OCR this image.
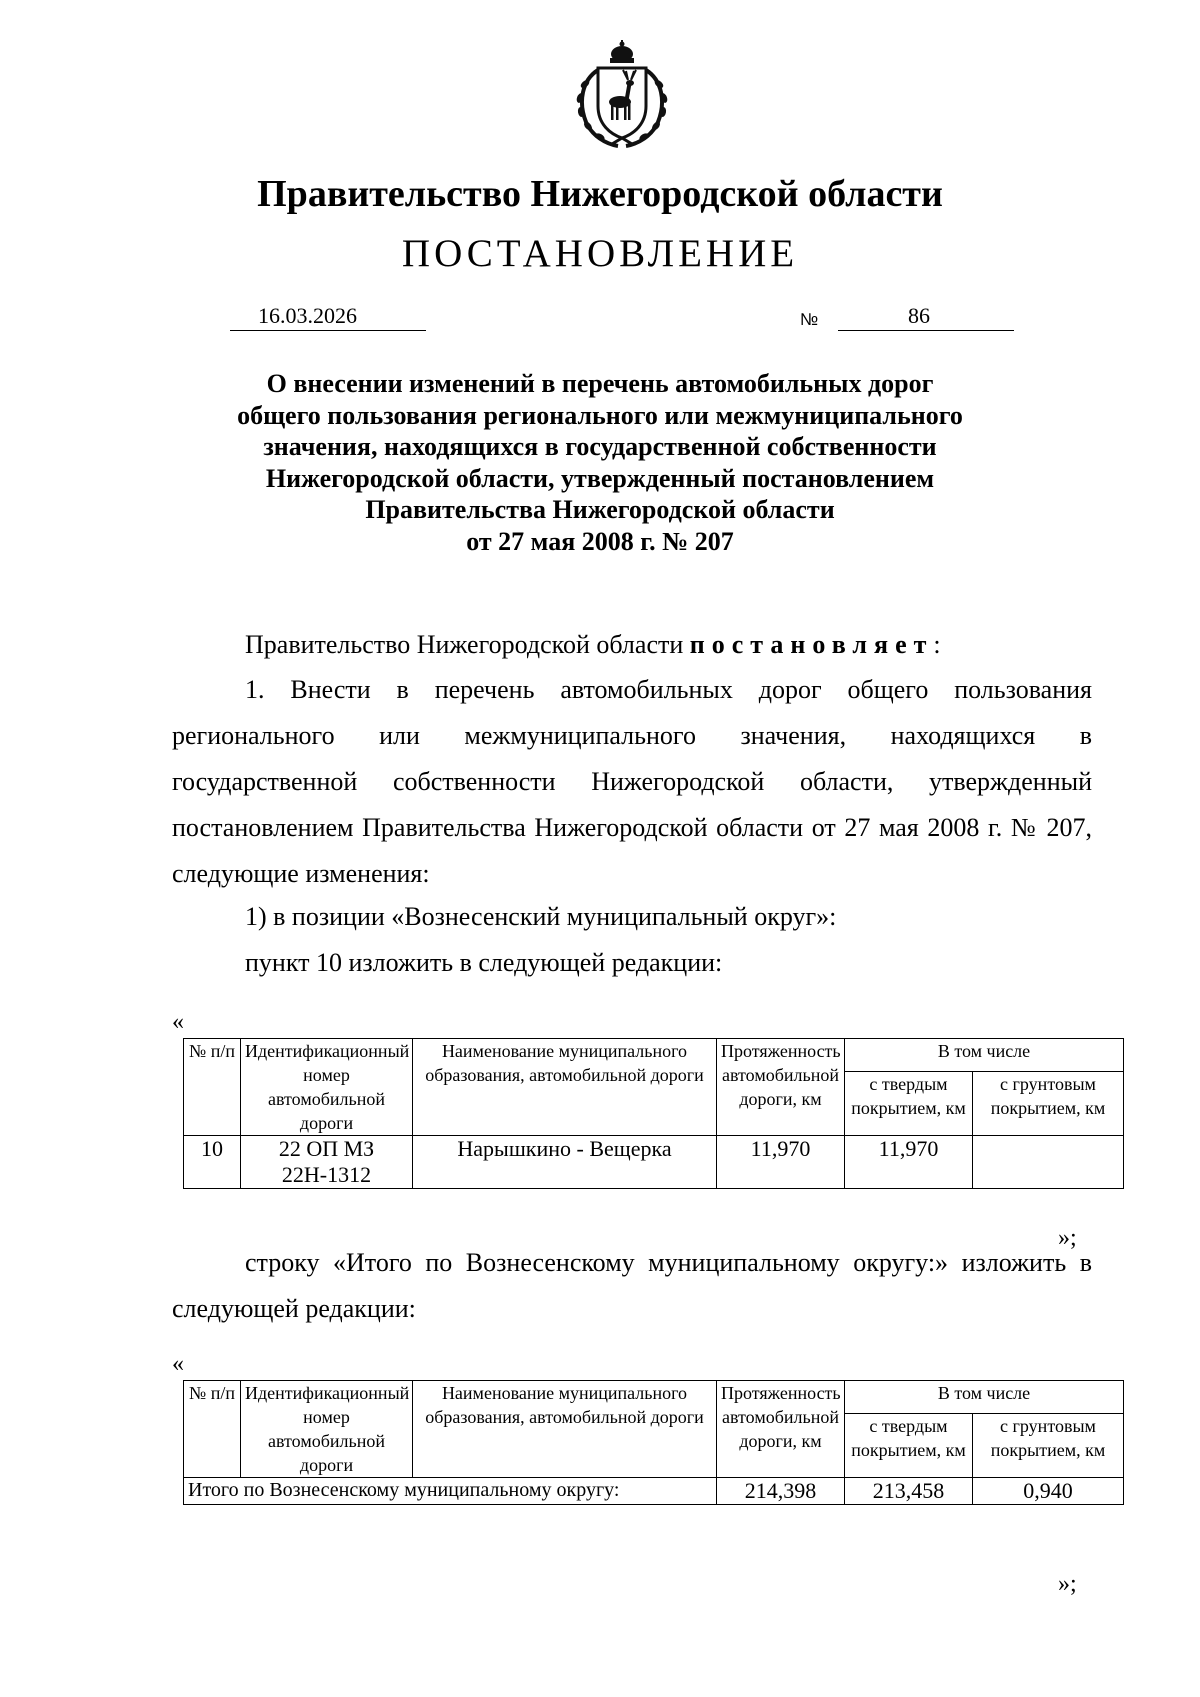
Правительство Нижегородской области
ПОСТАНОВЛЕНИЕ
16.03.2026	№	86
О внесении изменений в перечень автомобильных дорог
общего пользования регионального или межмуниципального
значения, находящихся в государственной собственности
Нижегородской области, утвержденный постановлением
Правительства Нижегородской области
от 27 мая 2008 г. № 207
Правительство Нижегородской области постановляет:
1. Внести в перечень автомобильных дорог общего пользования регионального или межмуниципального значения, находящихся в государственной собственности Нижегородской области, утвержденный постановлением Правительства Нижегородской области от 27 мая 2008 г. № 207, следующие изменения:
1) в позиции «Вознесенский муниципальный округ»:
пункт 10 изложить в следующей редакции:
«
№ п/п	Идентификационный номер автомобильной дороги	Наименование муниципального образования, автомобильной дороги	Протяженность автомобильной дороги, км	В том числе	
				с твердым покрытием, км	с грунтовым покрытием, км
10	22 ОП МЗ 22Н-1312	Нарышкино - Вещерка	11,970	11,970	
»;
строку «Итого по Вознесенскому муниципальному округу:» изложить в следующей редакции:
«
№ п/п	Идентификационный номер автомобильной дороги	Наименование муниципального образования, автомобильной дороги	Протяженность автомобильной дороги, км	В том числе	
				с твердым покрытием, км	с грунтовым покрытием, км
Итого по Вознесенскому муниципальному округу:			214,398	213,458	0,940
»;
